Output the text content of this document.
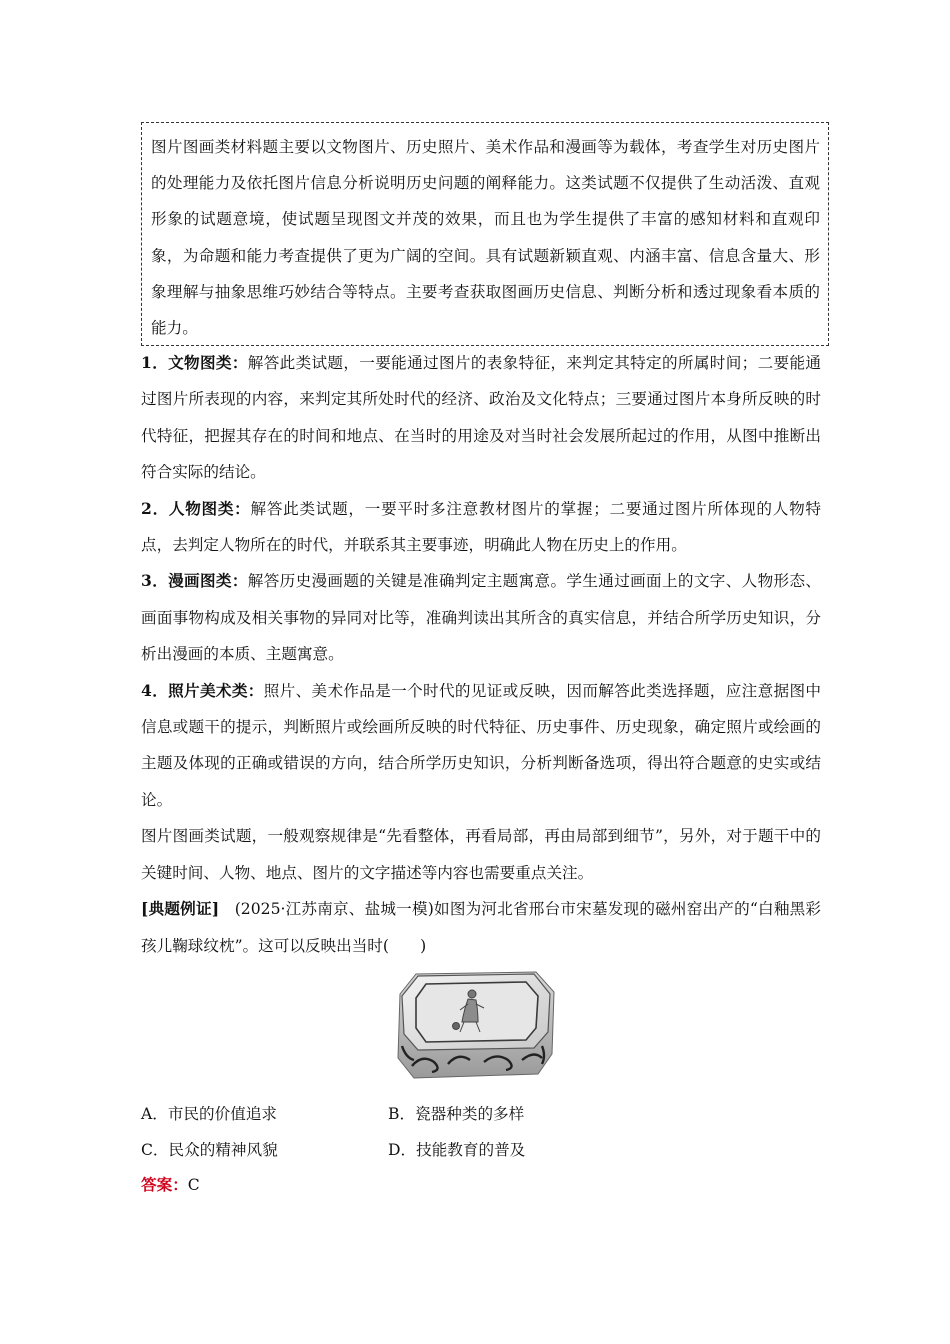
图片图画类材料题主要以文物图片、历史照片、美术作品和漫画等为载体，考查学生对历史图片的处理能力及依托图片信息分析说明历史问题的阐释能力。这类试题不仅提供了生动活泼、直观形象的试题意境，使试题呈现图文并茂的效果，而且也为学生提供了丰富的感知材料和直观印象，为命题和能力考查提供了更为广阔的空间。具有试题新颖直观、内涵丰富、信息含量大、形象理解与抽象思维巧妙结合等特点。主要考查获取图画历史信息、判断分析和透过现象看本质的能力。

1．文物图类：解答此类试题，一要能通过图片的表象特征，来判定其特定的所属时间；二要能通过图片所表现的内容，来判定其所处时代的经济、政治及文化特点；三要通过图片本身所反映的时代特征，把握其存在的时间和地点、在当时的用途及对当时社会发展所起过的作用，从图中推断出符合实际的结论。

2．人物图类：解答此类试题，一要平时多注意教材图片的掌握；二要通过图片所体现的人物特点，去判定人物所在的时代，并联系其主要事迹，明确此人物在历史上的作用。

3．漫画图类：解答历史漫画题的关键是准确判定主题寓意。学生通过画面上的文字、人物形态、画面事物构成及相关事物的异同对比等，准确判读出其所含的真实信息，并结合所学历史知识，分析出漫画的本质、主题寓意。

4．照片美术类：照片、美术作品是一个时代的见证或反映，因而解答此类选择题，应注意据图中信息或题干的提示，判断照片或绘画所反映的时代特征、历史事件、历史现象，确定照片或绘画的主题及体现的正确或错误的方向，结合所学历史知识，分析判断备选项，得出符合题意的史实或结论。

图片图画类试题，一般观察规律是“先看整体，再看局部，再由局部到细节”，另外，对于题干中的关键时间、人物、地点、图片的文字描述等内容也需要重点关注。

[典题例证]  (2025·江苏南京、盐城一模)如图为河北省邢台市宋墓发现的磁州窑出产的“白釉黑彩孩儿鞠球纹枕”。这可以反映出当时(　　)

A．市民的价值追求	B．瓷器种类的多样
C．民众的精神风貌	D．技能教育的普及
答案：C
